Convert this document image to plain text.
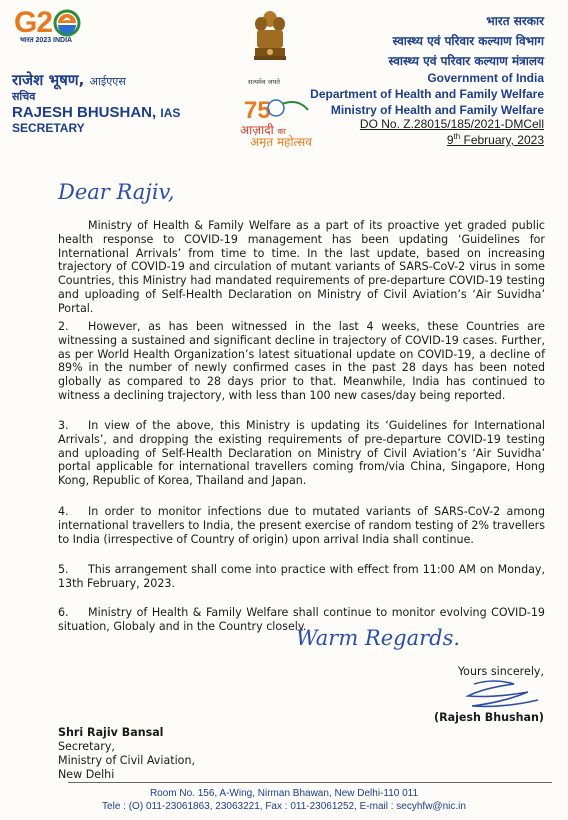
G2
भारत 2023 INDIA
राजेश भूषण, आईएएस
सचिव
RAJESH BHUSHAN, IAS
SECRETARY
सत्यमेव जयते
75
आज़ादी का
अमृत महोत्सव
भारत सरकार
स्वास्थ्य एवं परिवार कल्याण विभाग
स्वास्थ्य एवं परिवार कल्याण मंत्रालय
Government of India
Department of Health and Family Welfare
Ministry of Health and Family Welfare
DO No. Z.28015/185/2021-DMCell
9th February, 2023
Dear Rajiv,
Ministry of Health & Family Welfare as a part of its proactive yet graded public health response to COVID-19 management has been updating ‘Guidelines for International Arrivals’ from time to time. In the last update, based on increasing trajectory of COVID-19 and circulation of mutant variants of SARS-CoV-2 virus in some Countries, this Ministry had mandated requirements of pre-departure COVID-19 testing and uploading of Self-Health Declaration on Ministry of Civil Aviation’s ‘Air Suvidha’ Portal.
2. However, as has been witnessed in the last 4 weeks, these Countries are witnessing a sustained and significant decline in trajectory of COVID-19 cases. Further, as per World Health Organization’s latest situational update on COVID-19, a decline of 89% in the number of newly confirmed cases in the past 28 days has been noted globally as compared to 28 days prior to that. Meanwhile, India has continued to witness a declining trajectory, with less than 100 new cases/day being reported.
3. In view of the above, this Ministry is updating its ‘Guidelines for International Arrivals’, and dropping the existing requirements of pre-departure COVID-19 testing and uploading of Self-Health Declaration on Ministry of Civil Aviation’s ‘Air Suvidha’ portal applicable for international travellers coming from/via China, Singapore, Hong Kong, Republic of Korea, Thailand and Japan.
4. In order to monitor infections due to mutated variants of SARS-CoV-2 among international travellers to India, the present exercise of random testing of 2% travellers to India (irrespective of Country of origin) upon arrival India shall continue.
5. This arrangement shall come into practice with effect from 11:00 AM on Monday, 13th February, 2023.
6. Ministry of Health & Family Welfare shall continue to monitor evolving COVID-19 situation, Globaly and in the Country closely.
Warm Regards.
Yours sincerely,
(Rajesh Bhushan)
Shri Rajiv Bansal
Secretary,
Ministry of Civil Aviation,
New Delhi
Room No. 156, A-Wing, Nirman Bhawan, New Delhi-110 011
Tele : (O) 011-23061863, 23063221, Fax : 011-23061252, E-mail : secyhfw@nic.in
